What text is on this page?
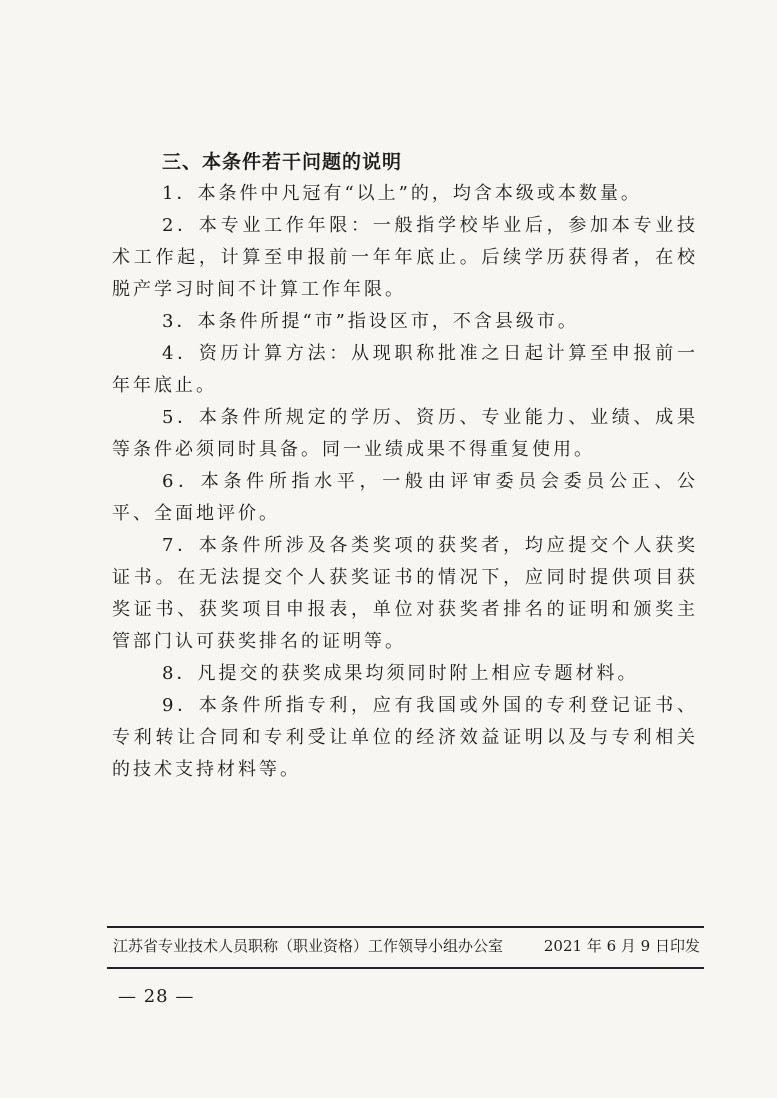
三、本条件若干问题的说明

1．本条件中凡冠有“以上”的，均含本级或本数量。

2．本专业工作年限：一般指学校毕业后，参加本专业技术工作起，计算至申报前一年年底止。后续学历获得者，在校脱产学习时间不计算工作年限。

3．本条件所提“市”指设区市，不含县级市。

4．资历计算方法：从现职称批准之日起计算至申报前一年年底止。

5．本条件所规定的学历、资历、专业能力、业绩、成果等条件必须同时具备。同一业绩成果不得重复使用。

6．本条件所指水平，一般由评审委员会委员公正、公平、全面地评价。

7．本条件所涉及各类奖项的获奖者，均应提交个人获奖证书。在无法提交个人获奖证书的情况下，应同时提供项目获奖证书、获奖项目申报表，单位对获奖者排名的证明和颁奖主管部门认可获奖排名的证明等。

8．凡提交的获奖成果均须同时附上相应专题材料。

9．本条件所指专利，应有我国或外国的专利登记证书、专利转让合同和专利受让单位的经济效益证明以及与专利相关的技术支持材料等。

江苏省专业技术人员职称（职业资格）工作领导小组办公室	2021 年 6 月 9 日印发
— 28 —
